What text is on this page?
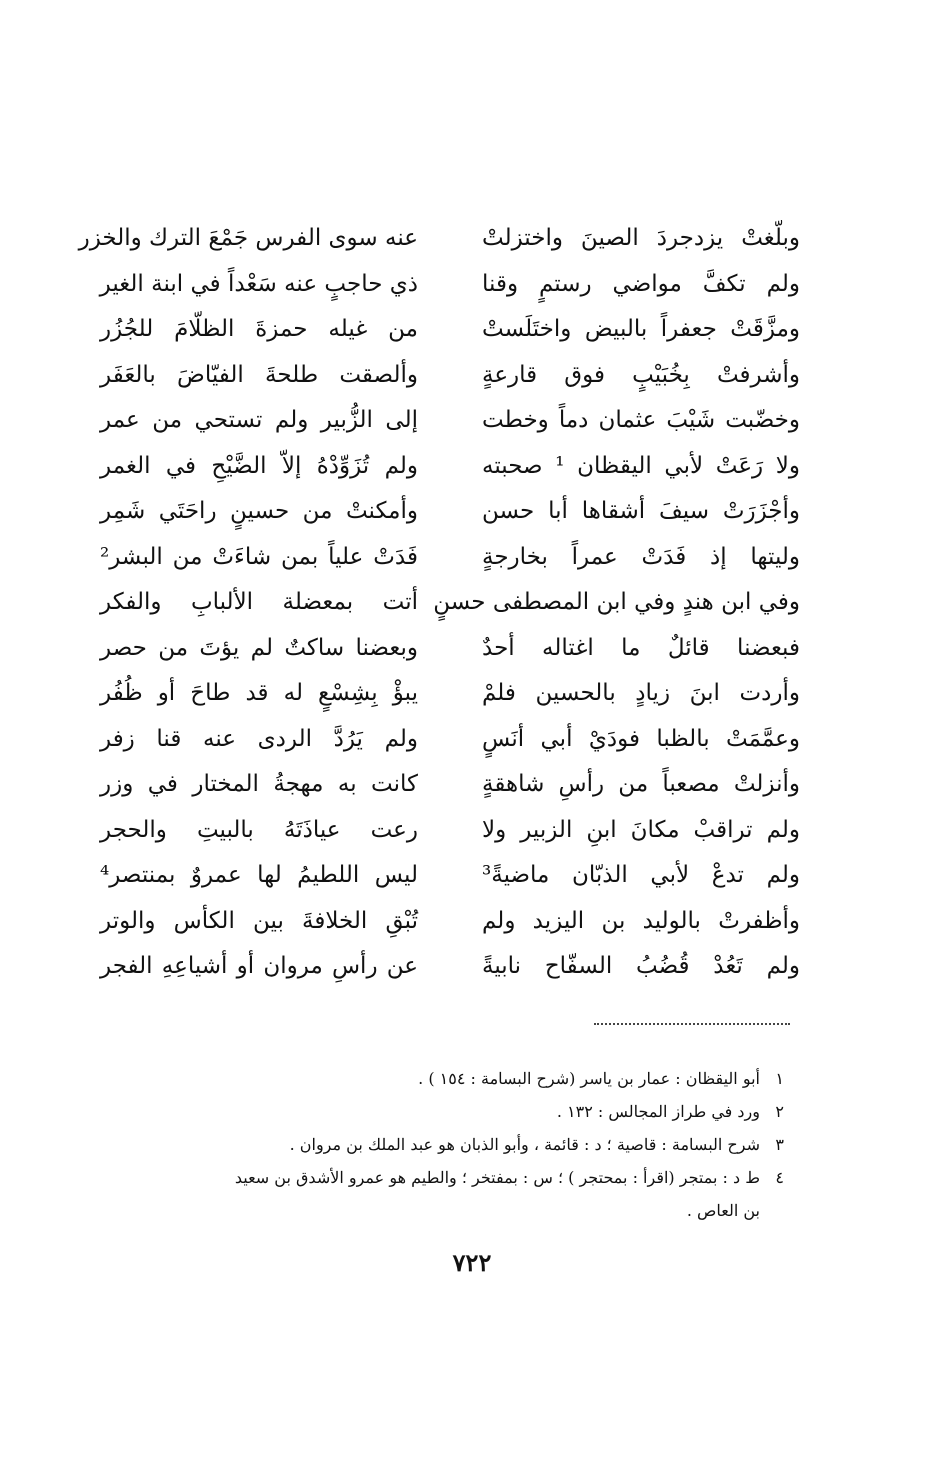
وبلّغتْ يزدجردَ الصينَ واختزلتْ
عنه سوى الفرس جَمْعَ الترك والخزر
ولم تكفَّ مواضي رستمٍ وقنا
ذي حاجبٍ عنه سَعْداً في ابنة الغير
ومزَّقَتْ جعفراً بالبيض واختَلَستْ
من غيله حمزةَ الظلّامَ للجُزُر
وأشرفتْ بِخُبَيْبٍ فوق قارعةٍ
وألصقت طلحةَ الفيّاضَ بالعَفَر
وخضّبت شَيْبَ عثمان دماً وخطت
إلى الزُّبير ولم تستحي من عمر
ولا رَعَتْ لأبي اليقظان ¹ صحبته
ولم تُزَوِّدْهُ إلاّ الضَّيْحِ في الغمر
وأجْزَرَتْ سيفَ أشقاها أبا حسن
وأمكنتْ من حسينٍ راحَتَي شَمِر
وليتها إذ فَدَتْ عمراً بخارجةٍ
فَدَتْ علياً بمن شاءَتْ من البشر²
وفي ابن هندٍ وفي ابن المصطفى حسنٍ
أتت بمعضلة الألبابِ والفكر
فبعضنا قائلٌ ما اغتاله أحدٌ
وبعضنا ساكتٌ لم يؤتَ من حصر
وأردت ابنَ زيادٍ بالحسين فلمْ
يبؤْ بِشِسْعٍ له قد طاحَ أو ظُفُر
وعمَّمَتْ بالظبا فودَيْ أبي أنَسٍ
ولم يَرُدَّ الردى عنه قنا زفر
وأنزلتْ مصعباً من رأسِ شاهقةٍ
كانت به مهجةُ المختار في وزر
ولم تراقبْ مكانَ ابنِ الزبير ولا
رعت عياذَتَهُ بالبيتِ والحجر
ولم تدعْ لأبي الذبّان ماضيةً³
ليس اللطيمُ لها عمروٌ بمنتصر⁴
وأظفرتْ بالوليد بن اليزيد ولم
تُبْقِ الخلافةَ بين الكأس والوتر
ولم تَعُدْ قُضُبُ السفّاح نابيةً
عن رأسِ مروان أو أشياعِهِ الفجر
١
أبو اليقظان : عمار بن ياسر (شرح البسامة : ١٥٤ ) .
٢
ورد في طراز المجالس : ١٣٢ .
٣
شرح البسامة : قاصية ؛ د : قائمة ، وأبو الذبان هو عبد الملك بن مروان .
٤
ط د : بمتجر (اقرأ : بمحتجر ) ؛ س : بمفتخر ؛ والطيم هو عمرو الأشدق بن سعيد
بن العاص .
٧٢٢
